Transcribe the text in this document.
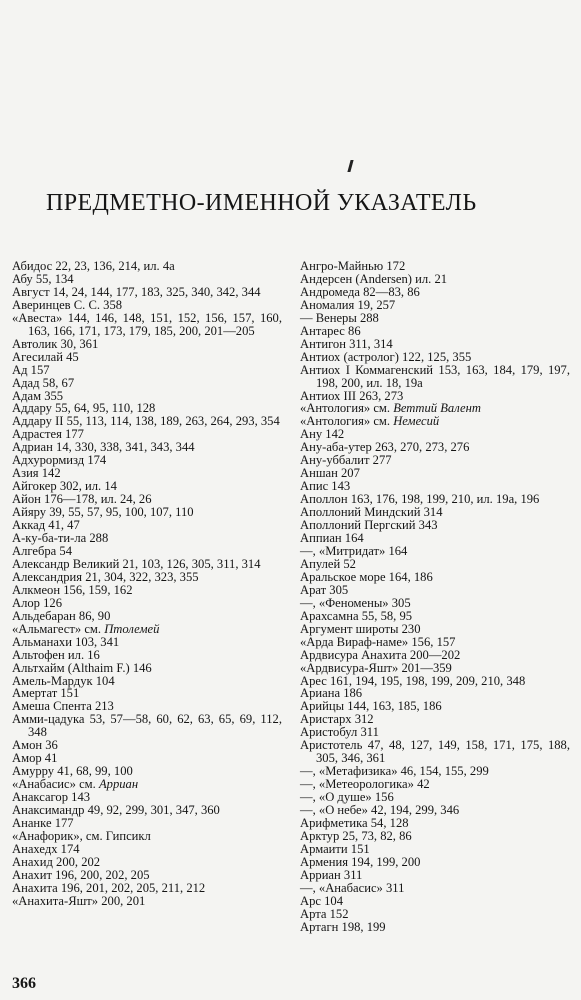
ПРЕДМЕТНО-ИМЕННОЙ УКАЗАТЕЛЬ
Абидос 22, 23, 136, 214, ил. 4а
Абу 55, 134
Август 14, 24, 144, 177, 183, 325, 340, 342, 344
Аверинцев С. С. 358
«Авеста» 144, 146, 148, 151, 152, 156, 157, 160, 163, 166, 171, 173, 179, 185, 200, 201—205
Автолик 30, 361
Агесилай 45
Ад 157
Адад 58, 67
Адам 355
Аддару 55, 64, 95, 110, 128
Аддару II 55, 113, 114, 138, 189, 263, 264, 293, 354
Адрастея 177
Адриан 14, 330, 338, 341, 343, 344
Адхурормизд 174
Азия 142
Айгокер 302, ил. 14
Айон 176—178, ил. 24, 26
Айяру 39, 55, 57, 95, 100, 107, 110
Аккад 41, 47
А-ку-ба-ти-ла 288
Алгебра 54
Александр Великий 21, 103, 126, 305, 311, 314
Александрия 21, 304, 322, 323, 355
Алкмеон 156, 159, 162
Алор 126
Альдебаран 86, 90
«Альмагест» см. Птолемей
Альманахи 103, 341
Альтофен ил. 16
Альтхайм (Althaim F.) 146
Амель-Мардук 104
Амертат 151
Амеша Спента 213
Амми-цадука 53, 57—58, 60, 62, 63, 65, 69, 112, 348
Амон 36
Амор 41
Амурру 41, 68, 99, 100
«Анабасис» см. Арриан
Анаксагор 143
Анаксимандр 49, 92, 299, 301, 347, 360
Ананке 177
«Анафорик», см. Гипсикл
Анахедх 174
Анахид 200, 202
Анахит 196, 200, 202, 205
Анахита 196, 201, 202, 205, 211, 212
«Анахита-Яшт» 200, 201
Ангро-Майнью 172
Андерсен (Andersen) ил. 21
Андромеда 82—83, 86
Аномалия 19, 257
— Венеры 288
Антарес 86
Антигон 311, 314
Антиох (астролог) 122, 125, 355
Антиох I Коммагенский 153, 163, 184, 179, 197, 198, 200, ил. 18, 19а
Антиох III 263, 273
«Антология» см. Веттий Валент
«Антология» см. Немесий
Ану 142
Ану-аба-утер 263, 270, 273, 276
Ану-уббалит 277
Аншан 207
Апис 143
Аполлон 163, 176, 198, 199, 210, ил. 19а, 196
Аполлоний Миндский 314
Аполлоний Пергский 343
Аппиан 164
—, «Митридат» 164
Апулей 52
Аральское море 164, 186
Арат 305
—, «Феномены» 305
Арахсамна 55, 58, 95
Аргумент широты 230
«Арда Вираф-наме» 156, 157
Ардвисура Анахита 200—202
«Ардвисура-Яшт» 201—359
Арес 161, 194, 195, 198, 199, 209, 210, 348
Ариана 186
Арийцы 144, 163, 185, 186
Аристарх 312
Аристобул 311
Аристотель 47, 48, 127, 149, 158, 171, 175, 188, 305, 346, 361
—, «Метафизика» 46, 154, 155, 299
—, «Метеорологика» 42
—, «О душе» 156
—, «О небе» 42, 194, 299, 346
Арифметика 54, 128
Арктур 25, 73, 82, 86
Армаити 151
Армения 194, 199, 200
Арриан 311
—, «Анабасис» 311
Арс 104
Арта 152
Артагн 198, 199
366
